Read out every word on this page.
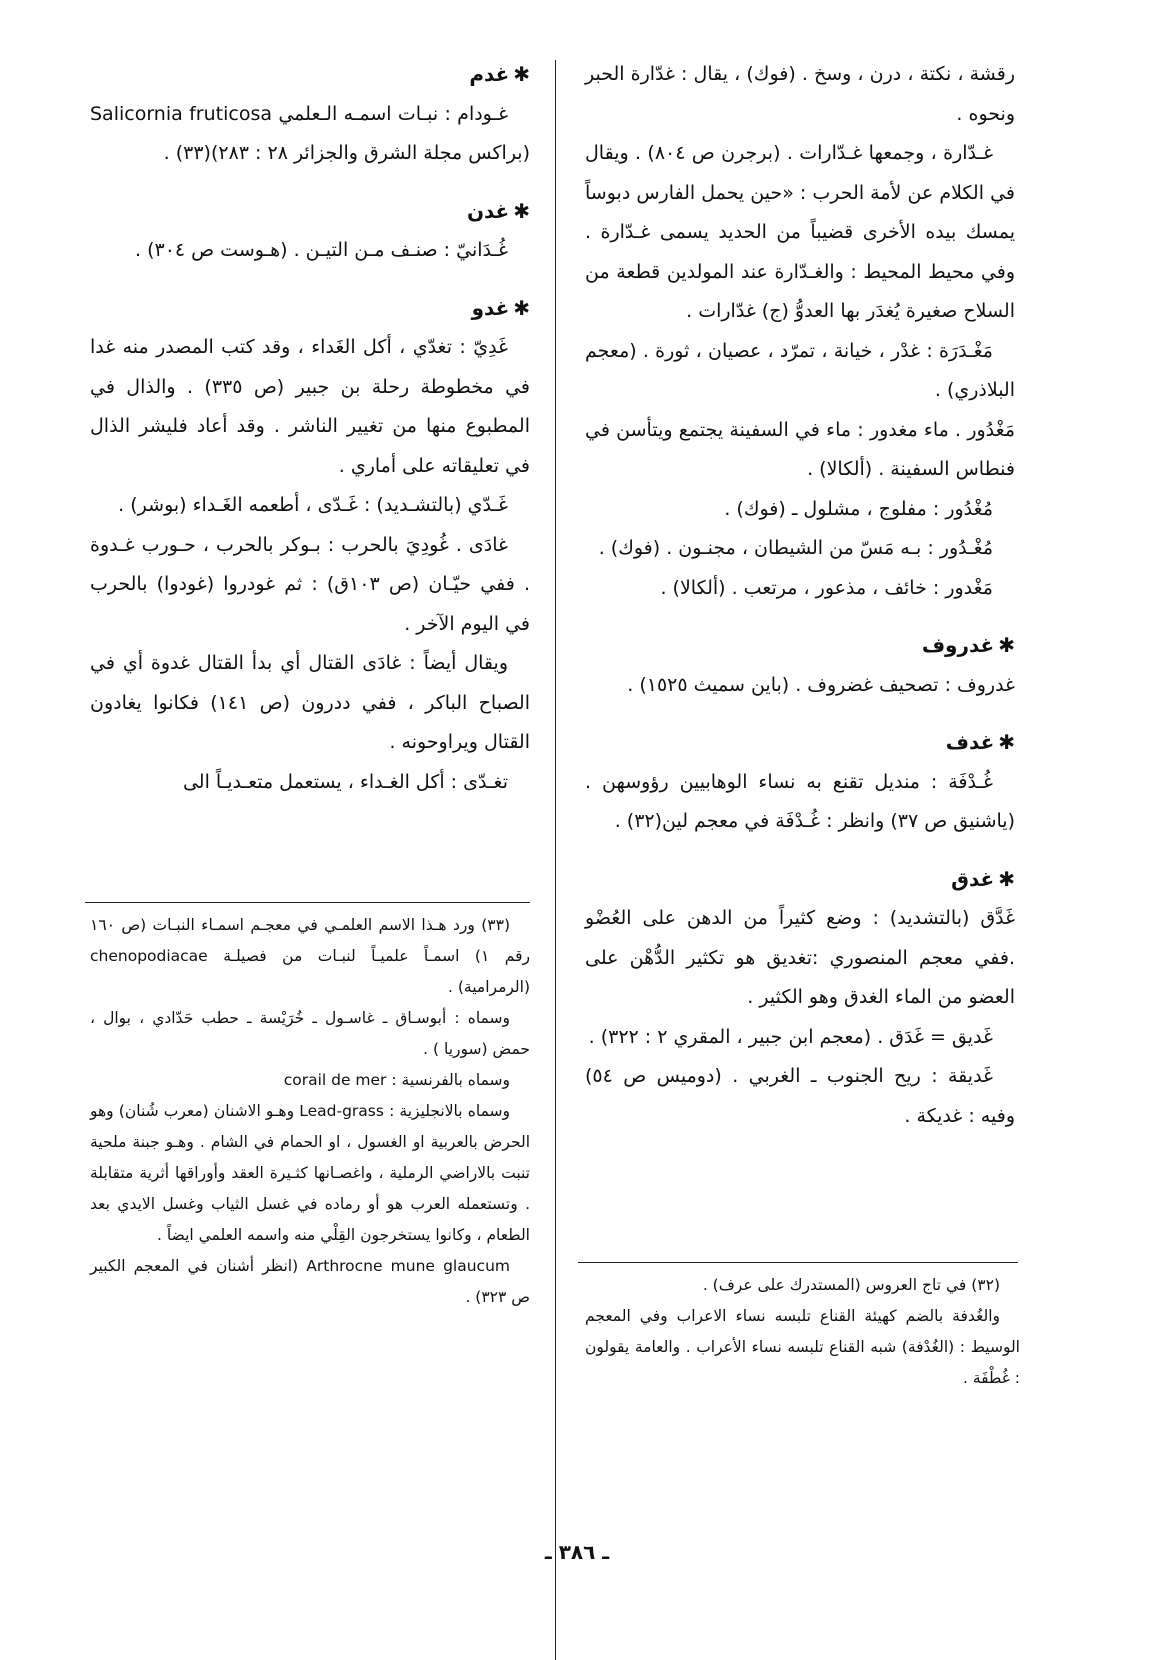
رقشة ، نكتة ، درن ، وسخ . (فوك) ، يقال : غدّارة الحبر ونحوه .

غـدّارة ، وجمعها غـدّارات . (برجرن ص ٨٠٤) . ويقال في الكلام عن لأمة الحرب : «حين يحمل الفارس دبوساً يمسك بيده الأخرى قضيباً من الحديد يسمى غـدّارة . وفي محيط المحيط : والغـدّارة عند المولدين قطعة من السلاح صغيرة يُغدَر بها العدوُّ (ج) غدّارات .

مَغْـدَرَة : غدْر ، خيانة ، تمرّد ، عصيان ، ثورة . (معجم البلاذري) .

مَغْدُور . ماء مغدور : ماء في السفينة يجتمع ويتأسن في فنطاس السفينة . (ألكالا) .

مُغْدُور : مفلوج ، مشلول ـ (فوك) .

مُغْـدُور : بـه مَسّ من الشيطان ، مجنـون . (فوك) .

مَغْدور : خائف ، مذعور ، مرتعب . (ألكالا) .

✱غدروف

غدروف : تصحيف غضروف . (باين سميث ١٥٢٥) .

✱غدف

غُـدْفَة : منديل تقنع به نساء الوهابيين رؤوسهن . (ياشنيق ص ٣٧) وانظر : غُـدْفَة في معجم لين(٣٢) .

✱غدق

غَدَّق (بالتشديد) : وضع كثيراً من الدهن على العُضْو .ففي معجم المنصوري :تغديق هو تكثير الدُّهْن على العضو من الماء الغدق وهو الكثير .

غَديق = غَدَق . (معجم ابن جبير ، المقري ٢ : ٣٢٢) .

غَديقة : ريح الجنوب ـ الغربي . (دوميس ص ٥٤) وفيه : غديكة .

✱غدم

غـودام : نبـات اسمـه الـعلمي Salicornia fruticosa (براكس مجلة الشرق والجزائر ٢٨ : ٢٨٣)(٣٣) .

✱غدن

غُـدَانيّ : صنـف مـن التيـن . (هـوست ص ٣٠٤) .

✱غدو

غَدِيّ : تغدّي ، أكل الغَداء ، وقد كتب المصدر منه غدا في مخطوطة رحلة بن جبير (ص ٣٣٥) . والذال في المطبوع منها من تغيير الناشر . وقد أعاد فليشر الذال في تعليقاته على أماري .

غَـدّي (بالتشـديد) : غَـدّى ، أطعمه الغَـداء (بوشر) .

غادَى . غُودِيَ بالحرب : بـوكر بالحرب ، حـورب غـدوة . ففي حيّـان (ص ١٠٣ق) : ثم غودروا (غودوا) بالحرب في اليوم الآخر .

ويقال أيضاً : غادَى القتال أي بدأ القتال غدوة أي في الصباح الباكر ، ففي ددرون (ص ١٤١) فكانوا يغادون القتال ويراوحونه .

تغـدّى : أكل الغـداء ، يستعمل متعـديـاً الى

(٣٣) ورد هـذا الاسم العلمـي في معجـم اسمـاء النبـات (ص ١٦٠ رقم ١) اسمـاً علميـاً لنبـات من فصيلـة chenopodiacae (الرمرامية) .

وسماه : أبوسـاق ـ غاسـول ـ خُرَيْسة ـ حطب حَدّادي ، بوال ، حمض (سوريا ) .

وسماه بالفرنسية : corail de mer

وسماه بالانجليزية : Lead-grass وهـو الاشنان (معرب شُنان) وهو الحرض بالعربية او الغسول ، او الحمام في الشام . وهـو جبنة ملحية تنبت بالاراضي الرملية ، واغصـانها كثـيرة العقد وأوراقها أثرية متقابلة . وتستعمله العرب هو أو رماده في غسل الثياب وغسل الايدي بعد الطعام ، وكانوا يستخرجون القِلْي منه واسمه العلمي ايضاً .

Arthrocne mune glaucum (انظر أشنان في المعجم الكبير ص ٣٢٣) .

(٣٢) في تاج العروس (المستدرك على عرف) .

والغُدفة بالضم كهيئة القناع تلبسه نساء الاعراب وفي المعجم الوسيط : (الغُدْفة) شبه القناع تلبسه نساء الأعراب . والعامة يقولون : غُطْفَة .

ـ ٣٨٦ ـ
